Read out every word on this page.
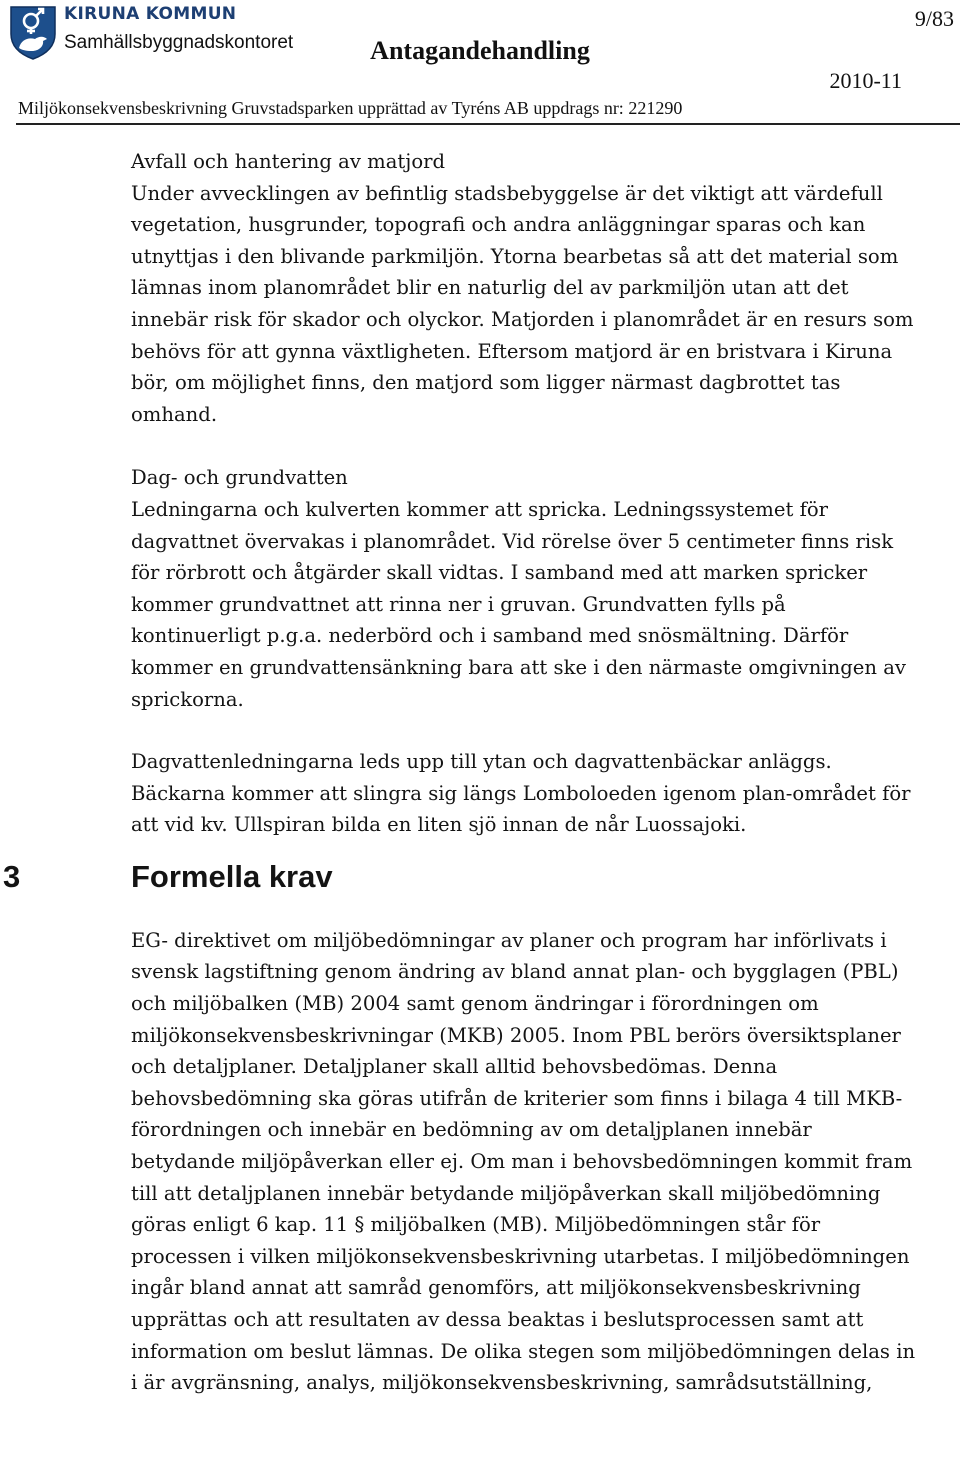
KIRUNA KOMMUN

Samhällsbyggnadskontoret	Antagandehandling

9/83

2010-11

Miljökonsekvensbeskrivning Gruvstadsparken upprättad av Tyréns AB uppdrags nr: 221290

Avfall och hantering av matjord

Under avvecklingen av befintlig stadsbebyggelse är det viktigt att värdefull vegetation, husgrunder, topografi och andra anläggningar sparas och kan utnyttjas i den blivande parkmiljön. Ytorna bearbetas så att det material som lämnas inom planområdet blir en naturlig del av parkmiljön utan att det innebär risk för skador och olyckor. Matjorden i planområdet är en resurs som behövs för att gynna växtligheten. Eftersom matjord är en bristvara i Kiruna bör, om möjlighet finns, den matjord som ligger närmast dagbrottet tas omhand.

Dag- och grundvatten

Ledningarna och kulverten kommer att spricka. Ledningssystemet för dagvattnet övervakas i planområdet. Vid rörelse över 5 centimeter finns risk för rörbrott och åtgärder skall vidtas. I samband med att marken spricker kommer grundvattnet att rinna ner i gruvan. Grundvatten fylls på kontinuerligt p.g.a. nederbörd och i samband med snösmältning. Därför kommer en grundvattensänkning bara att ske i den närmaste omgivningen av sprickorna.

Dagvattenledningarna leds upp till ytan och dagvattenbäckar anläggs. Bäckarna kommer att slingra sig längs Lomboloeden igenom plan-området för att vid kv. Ullspiran bilda en liten sjö innan de når Luossajoki.

3	Formella krav

EG- direktivet om miljöbedömningar av planer och program har införlivats i svensk lagstiftning genom ändring av bland annat plan- och bygglagen (PBL) och miljöbalken (MB) 2004 samt genom ändringar i förordningen om miljökonsekvensbeskrivningar (MKB) 2005. Inom PBL berörs översiktsplaner och detaljplaner. Detaljplaner skall alltid behovsbedömas. Denna behovsbedömning ska göras utifrån de kriterier som finns i bilaga 4 till MKB-förordningen och innebär en bedömning av om detaljplanen innebär betydande miljöpåverkan eller ej. Om man i behovsbedömningen kommit fram till att detaljplanen innebär betydande miljöpåverkan skall miljöbedömning göras enligt 6 kap. 11 § miljöbalken (MB). Miljöbedömningen står för processen i vilken miljökonsekvensbeskrivning utarbetas. I miljöbedömningen ingår bland annat att samråd genomförs, att miljökonsekvensbeskrivning upprättas och att resultaten av dessa beaktas i beslutsprocessen samt att information om beslut lämnas. De olika stegen som miljöbedömningen delas in i är avgränsning, analys, miljökonsekvensbeskrivning, samrådsutställning,
